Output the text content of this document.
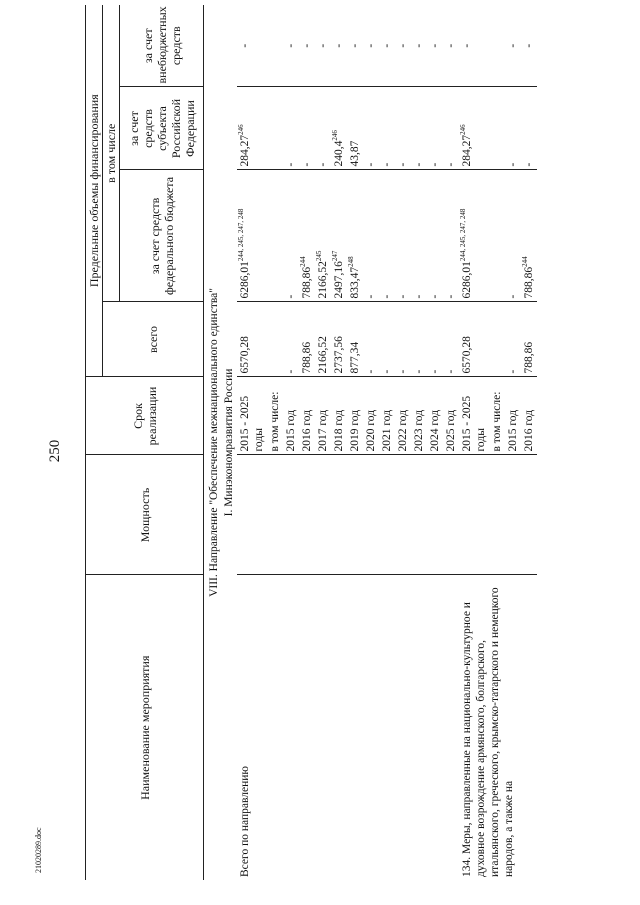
250
21020289.doc
Наименование мероприятия	Мощность	Срок реализации	Предельные объемы финансирования			
			всего	в том числе		
				за счет средств федерального бюджета	за счет средств субъекта Российской Федерации	за счет внебюджетных средств
VIII. Направление "Обеспечение межнационального единства"						
I. Минэкономразвития России						
Всего по направлению		2015 - 2025 годы	6570,28	6286,01$^{244, 245, 247, 248}$	284,27$^{246}$	-
		в том числе:				
		2015 год	-	-	-	-
		2016 год	788,86	788,86$^{244}$	-	-
		2017 год	2166,52	2166,52$^{245}$	-	-
		2018 год	2737,56	2497,16$^{247}$	240,4$^{246}$	-
		2019 год	877,34	833,47$^{248}$	43,87	-
		2020 год	-	-	-	-
		2021 год	-	-	-	-
		2022 год	-	-	-	-
		2023 год	-	-	-	-
		2024 год	-	-	-	-
		2025 год	-	-	-	-
134. Меры, направленные на национально-культурное и духовное возрождение армянского, болгарского, итальянского, греческого, крымско-татарского и немецкого народов, а также на		2015 - 2025 годы	6570,28	6286,01$^{244, 245, 247, 248}$	284,27$^{246}$	-
		в том числе:				
		2015 год	-	-	-	-
		2016 год	788,86	788,86$^{244}$	-	-
